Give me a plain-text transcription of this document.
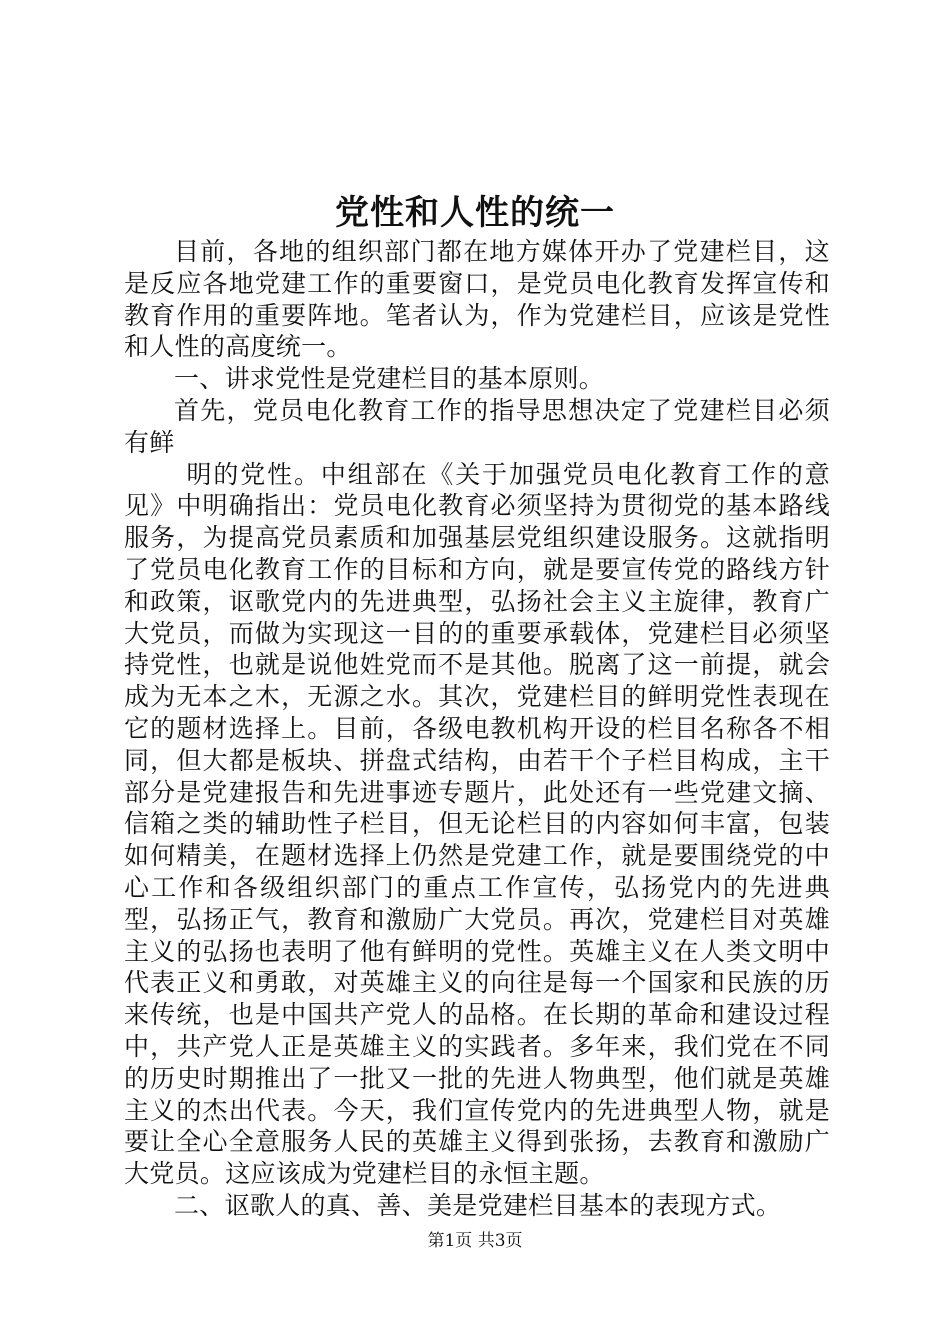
党性和人性的统一

目前，各地的组织部门都在地方媒体开办了党建栏目，这是反应各地党建工作的重要窗口，是党员电化教育发挥宣传和教育作用的重要阵地。笔者认为，作为党建栏目，应该是党性和人性的高度统一。

一、讲求党性是党建栏目的基本原则。

首先，党员电化教育工作的指导思想决定了党建栏目必须有鲜

明的党性。中组部在《关于加强党员电化教育工作的意见》中明确指出：党员电化教育必须坚持为贯彻党的基本路线服务，为提高党员素质和加强基层党组织建设服务。这就指明了党员电化教育工作的目标和方向，就是要宣传党的路线方针和政策，讴歌党内的先进典型，弘扬社会主义主旋律，教育广大党员，而做为实现这一目的的重要承载体，党建栏目必须坚持党性，也就是说他姓党而不是其他。脱离了这一前提，就会成为无本之木，无源之水。其次，党建栏目的鲜明党性表现在它的题材选择上。目前，各级电教机构开设的栏目名称各不相同，但大都是板块、拼盘式结构，由若干个子栏目构成，主干部分是党建报告和先进事迹专题片，此处还有一些党建文摘、信箱之类的辅助性子栏目，但无论栏目的内容如何丰富，包装如何精美，在题材选择上仍然是党建工作，就是要围绕党的中心工作和各级组织部门的重点工作宣传，弘扬党内的先进典型，弘扬正气，教育和激励广大党员。再次，党建栏目对英雄主义的弘扬也表明了他有鲜明的党性。英雄主义在人类文明中代表正义和勇敢，对英雄主义的向往是每一个国家和民族的历来传统，也是中国共产党人的品格。在长期的革命和建设过程中，共产党人正是英雄主义的实践者。多年来，我们党在不同的历史时期推出了一批又一批的先进人物典型，他们就是英雄主义的杰出代表。今天，我们宣传党内的先进典型人物，就是要让全心全意服务人民的英雄主义得到张扬，去教育和激励广大党员。这应该成为党建栏目的永恒主题。

二、讴歌人的真、善、美是党建栏目基本的表现方式。

第1页 共3页
